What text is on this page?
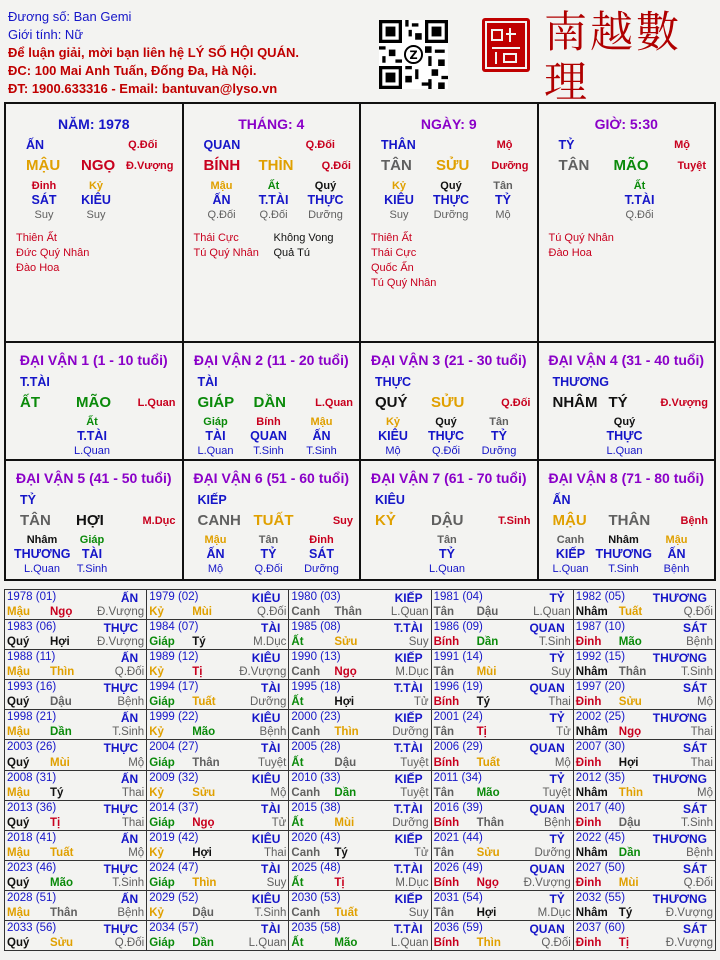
Đương số: Ban Gemi
Giới tính: Nữ
Để luận giải, mời bạn liên hệ LÝ SỐ HỘI QUÁN.
ĐC: 100 Mai Anh Tuấn, Đống Đa, Hà Nội.
ĐT: 1900.633316 - Email: bantuvan@lyso.vn
Z	南越數理
NĂM: 1978
ẤN	Q.Đối
MẬU NGỌ Đ.Vượng
Đinh
SÁT
Suy
Kỷ
KIÊU
Suy
Thiên Ất
Đức Quý Nhân
Đào Hoa
THÁNG: 4
QUAN	Q.Đối
BÍNH THÌN	Q.Đối
Mậu
ẤN
Q.Đối
Ất
T.TÀI
Q.Đối
Quý
THỰC
Dưỡng
Thái Cực
Tú Quý Nhân
Không Vong
Quả Tú
NGÀY: 9
THÂN	Mộ
TÂN SỬU Dưỡng
Kỷ
KIÊU
Suy
Quý
THỰC
Dưỡng
Tân
TỶ
Mộ
Thiên Ất
Thái Cực
Quốc Ấn
Tú Quý Nhân
GIỜ: 5:30
TỶ	Mộ
TÂN MÃO	Tuyệt
Ất
T.TÀI
Q.Đối
Tú Quý Nhân
Đào Hoa
ĐẠI VẬN 1 (1 - 10 tuổi)
T.TÀI
ẤT MÃO L.Quan
Ất
T.TÀI
L.Quan
ĐẠI VẬN 2 (11 - 20 tuổi)
TÀI
GIÁP DẦN	L.Quan
Giáp
TÀI
L.Quan
Bính
QUAN
T.Sinh
Mậu
ẤN
T.Sinh
ĐẠI VẬN 3 (21 - 30 tuổi)
THỰC
QUÝ SỬU	Q.Đối
Kỷ
KIÊU
Mộ
Quý
THỰC
Q.Đối
Tân
TỶ
Dưỡng
ĐẠI VẬN 4 (31 - 40 tuổi)
THƯƠNG
NHÂM TÝ	Đ.Vượng
Quý
THỰC
L.Quan
ĐẠI VẬN 5 (41 - 50 tuổi)
TỶ
TÂN HỢI	M.Dục
Nhâm
THƯƠNG
L.Quan
Giáp
TÀI
T.Sinh
ĐẠI VẬN 6 (51 - 60 tuổi)
KIẾP
CANH TUẤT	Suy
Mậu
ẤN
Mộ
Tân
TỶ
Q.Đối
Đinh
SÁT
Dưỡng
ĐẠI VẬN 7 (61 - 70 tuổi)
KIÊU
KỶ DẬU	T.Sinh
Tân
TỶ
L.Quan
ĐẠI VẬN 8 (71 - 80 tuổi)
ẤN
MẬU THÂN	Bệnh
Canh
KIẾP
L.Quan
Nhâm
THƯƠNG
T.Sinh
Mậu
ẤN
Bệnh
1978 (01)	ẤN
Mậu Ngọ Đ.Vượng
1979 (02)	KIÊU
Kỷ Mùi	Q.Đối
1980 (03)	KIẾP
Canh Thân	L.Quan
1981 (04)	TỶ
Tân Dậu	L.Quan
1982 (05) THƯƠNG
Nhâm Tuất	Q.Đối
1983 (06)	THỰC
Quý Hợi Đ.Vượng
1984 (07)	TÀI
Giáp Tý	M.Dục
1985 (08)	T.TÀI
Ất	Sửu	Suy
1986 (09)	QUAN
Bính Dần	T.Sinh
1987 (10)	SÁT
Đinh Mão	Bệnh
1988 (11)	ẤN
Mậu Thìn	Q.Đối
1989 (12)	KIÊU
Kỷ Tị	Đ.Vượng
1990 (13)	KIẾP
Canh Ngọ	M.Dục
1991 (14)	TỶ
Tân Mùi	Suy
1992 (15) THƯƠNG
Nhâm Thân	T.Sinh
1993 (16)	THỰC
Quý Dậu	Bệnh
1994 (17)	TÀI
Giáp Tuất	Dưỡng
1995 (18)	T.TÀI
Ất	Hợi	Tử
1996 (19)	QUAN
Bính Tý	Thai
1997 (20)	SÁT
Đinh Sửu	Mộ
1998 (21)	ẤN
Mậu Dần	T.Sinh
1999 (22)	KIÊU
Kỷ Mão	Bệnh
2000 (23)	KIẾP
Canh Thìn	Dưỡng
2001 (24)	TỶ
Tân Tị	Tử
2002 (25) THƯƠNG
Nhâm Ngọ	Thai
2003 (26)	THỰC
Quý Mùi	Mộ
2004 (27)	TÀI
Giáp Thân	Tuyệt
2005 (28)	T.TÀI
Ất	Dậu	Tuyệt
2006 (29)	QUAN
Bính Tuất	Mộ
2007 (30)	SÁT
Đinh Hợi	Thai
2008 (31)	ẤN
Mậu Tý	Thai
2009 (32)	KIÊU
Kỷ Sửu	Mộ
2010 (33)	KIẾP
Canh Dần	Tuyệt
2011 (34)	TỶ
Tân Mão	Tuyệt
2012 (35) THƯƠNG
Nhâm Thìn	Mộ
2013 (36)	THỰC
Quý Tị	Thai
2014 (37)	TÀI
Giáp Ngọ	Tử
2015 (38)	T.TÀI
Ất	Mùi	Dưỡng
2016 (39)	QUAN
Bính Thân	Bệnh
2017 (40)	SÁT
Đinh Dậu	T.Sinh
2018 (41)	ẤN
Mậu Tuất	Mộ
2019 (42)	KIÊU
Kỷ Hợi	Thai
2020 (43)	KIẾP
Canh Tý	Tử
2021 (44)	TỶ
Tân Sửu	Dưỡng
2022 (45) THƯƠNG
Nhâm Dần	Bệnh
2023 (46)	THỰC
Quý Mão	T.Sinh
2024 (47)	TÀI
Giáp Thìn	Suy
2025 (48)	T.TÀI
Ất	Tị	M.Dục
2026 (49)	QUAN
Bính Ngọ Đ.Vượng
2027 (50)	SÁT
Đinh Mùi	Q.Đối
2028 (51)	ẤN
Mậu Thân	Bệnh
2029 (52)	KIÊU
Kỷ Dậu	T.Sinh
2030 (53)	KIẾP
Canh Tuất	Suy
2031 (54)	TỶ
Tân Hợi	M.Dục
2032 (55) THƯƠNG
Nhâm Tý	Đ.Vượng
2033 (56)	THỰC
Quý Sửu	Q.Đối
2034 (57)	TÀI
Giáp Dần	L.Quan
2035 (58)	T.TÀI
Ất	Mão	L.Quan
2036 (59)	QUAN
Bính Thìn	Q.Đối
2037 (60)	SÁT
Đinh Tị	Đ.Vượng
